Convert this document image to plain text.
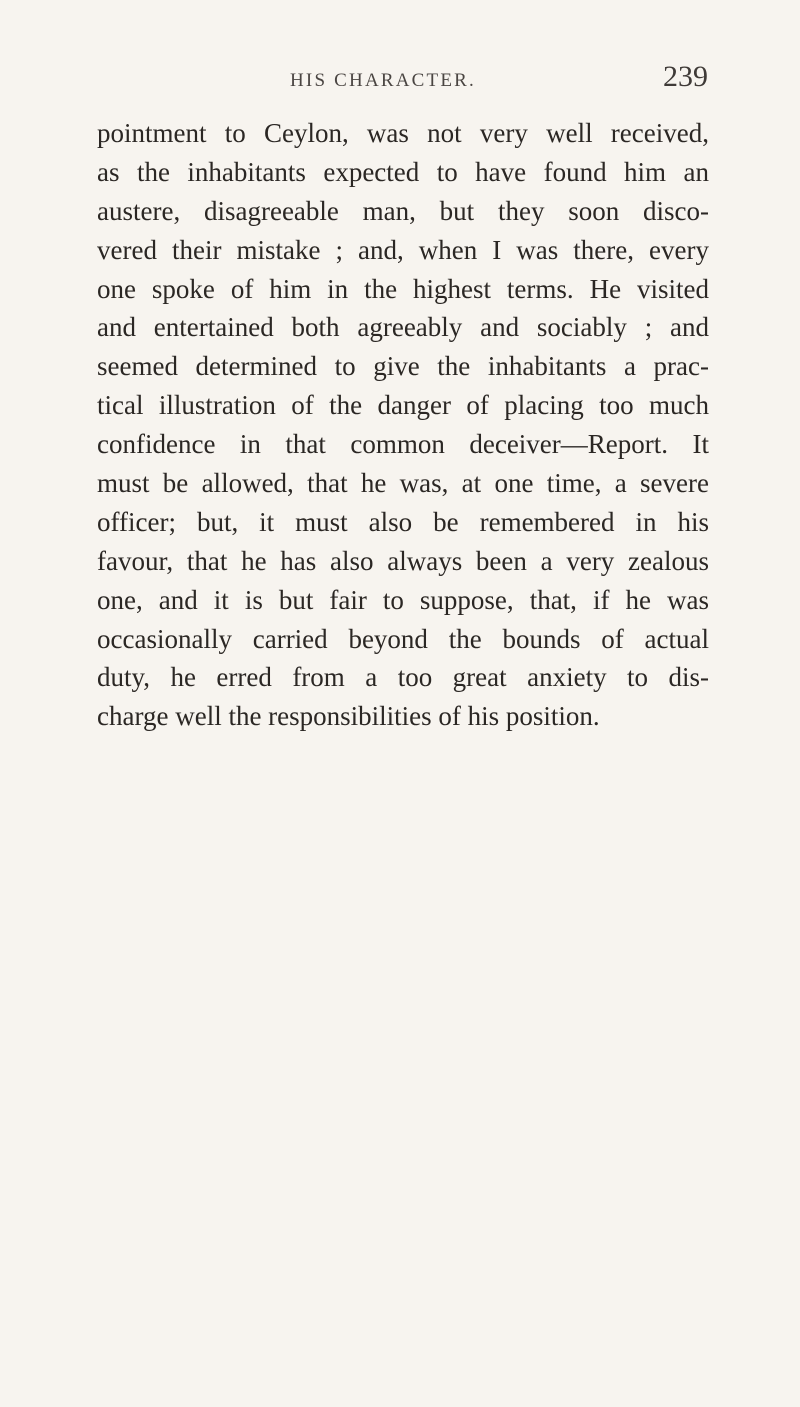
HIS CHARACTER.	239
pointment to Ceylon, was not very well received,
as the inhabitants expected to have found him an
austere, disagreeable man, but they soon disco-
vered their mistake ; and, when I was there, every
one spoke of him in the highest terms. He visited
and entertained both agreeably and sociably ; and
seemed determined to give the inhabitants a prac-
tical illustration of the danger of placing too much
confidence in that common deceiver—Report. It
must be allowed, that he was, at one time, a severe
officer; but, it must also be remembered in his
favour, that he has also always been a very zealous
one, and it is but fair to suppose, that, if he was
occasionally carried beyond the bounds of actual
duty, he erred from a too great anxiety to dis-
charge well the responsibilities of his position.
